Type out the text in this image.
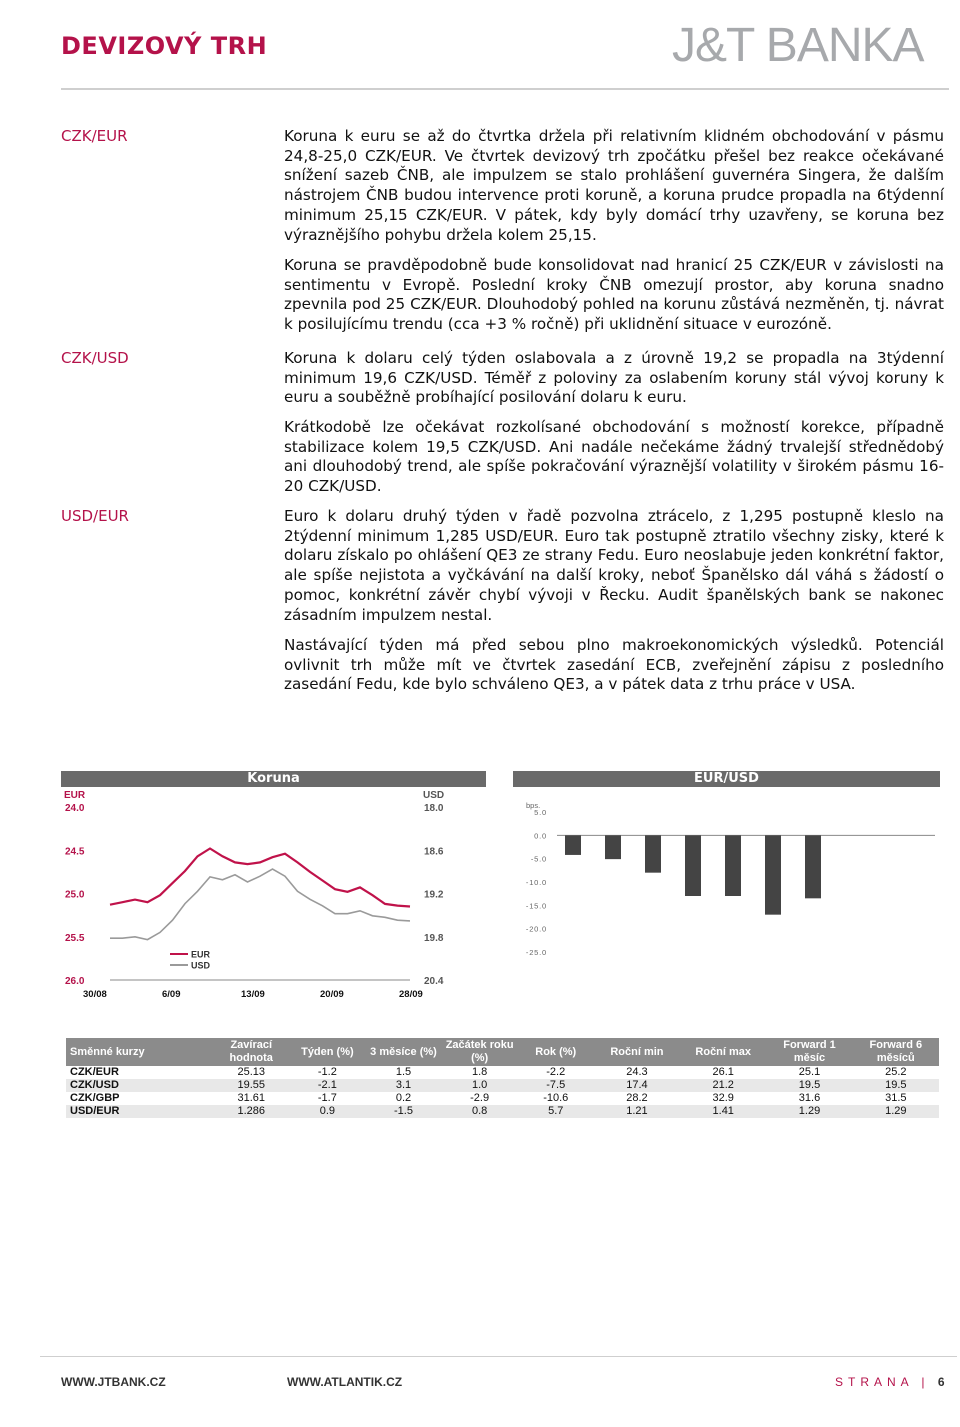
DEVIZOVÝ TRH	J&T BANKA
CZK/EUR	Koruna k euru se až do čtvrtka držela při relativním klidném obchodování v pásmu 24,8-25,0 CZK/EUR. Ve čtvrtek devizový trh zpočátku přešel bez reakce očekávané snížení sazeb ČNB, ale impulzem se stalo prohlášení guvernéra Singera, že dalším nástrojem ČNB budou intervence proti koruně, a koruna prudce propadla na 6týdenní minimum 25,15 CZK/EUR. V pátek, kdy byly domácí trhy uzavřeny, se koruna bez výraznějšího pohybu držela kolem 25,15.

Koruna se pravděpodobně bude konsolidovat nad hranicí 25 CZK/EUR v závislosti na sentimentu v Evropě. Poslední kroky ČNB omezují prostor, aby koruna snadno zpevnila pod 25 CZK/EUR. Dlouhodobý pohled na korunu zůstává nezměněn, tj. návrat k posilujícímu trendu (cca +3 % ročně) při uklidnění situace v eurozóně.

CZK/USD	Koruna k dolaru celý týden oslabovala a z úrovně 19,2 se propadla na 3týdenní minimum 19,6 CZK/USD. Téměř z poloviny za oslabením koruny stál vývoj koruny k euru a souběžně probíhající posilování dolaru k euru.

Krátkodobě lze očekávat rozkolísané obchodování s možností korekce, případně stabilizace kolem 19,5 CZK/USD. Ani nadále nečekáme žádný trvalejší střednědobý ani dlouhodobý trend, ale spíše pokračování výraznější volatility v širokém pásmu 16-20 CZK/USD.

USD/EUR	Euro k dolaru druhý týden v řadě pozvolna ztrácelo, z 1,295 postupně kleslo na 2týdenní minimum 1,285 USD/EUR. Euro tak postupně ztratilo všechny zisky, které k dolaru získalo po ohlášení QE3 ze strany Fedu. Euro neoslabuje jeden konkrétní faktor, ale spíše nejistota a vyčkávání na další kroky, neboť Španělsko dál váhá s žádostí o pomoc, konkrétní závěr chybí vývoji v Řecku. Audit španělských bank se nakonec zásadním impulzem nestal.

Nastávající týden má před sebou plno makroekonomických výsledků. Potenciál ovlivnit trh může mít ve čtvrtek zasedání ECB, zveřejnění zápisu z posledního zasedání Fedu, kde bylo schváleno QE3, a v pátek data z trhu práce v USA.

Koruna
EUR	USD
24.0
24.5
25.0
25.5
26.0
18.0
18.6
19.2
19.8
20.4
30/08	6/09	13/09	20/09	28/09
EUR
USD
EUR/USD
bps.
5.0
0.0
-5.0
-10.0
-15.0
-20.0
-25.0
Směnné kurzy	Zavírací hodnota	Týden (%)	3 měsíce (%)	Začátek roku (%)	Rok (%)	Roční min	Roční max	Forward 1 měsíc	Forward 6 měsíců
CZK/EUR	25.13	-1.2	1.5	1.8	-2.2	24.3	26.1	25.1	25.2
CZK/USD	19.55	-2.1	3.1	1.0	-7.5	17.4	21.2	19.5	19.5
CZK/GBP	31.61	-1.7	0.2	-2.9	-10.6	28.2	32.9	31.6	31.5
USD/EUR	1.286	0.9	-1.5	0.8	5.7	1.21	1.41	1.29	1.29
WWW.JTBANK.CZ	WWW.ATLANTIK.CZ	STRANA | 6
